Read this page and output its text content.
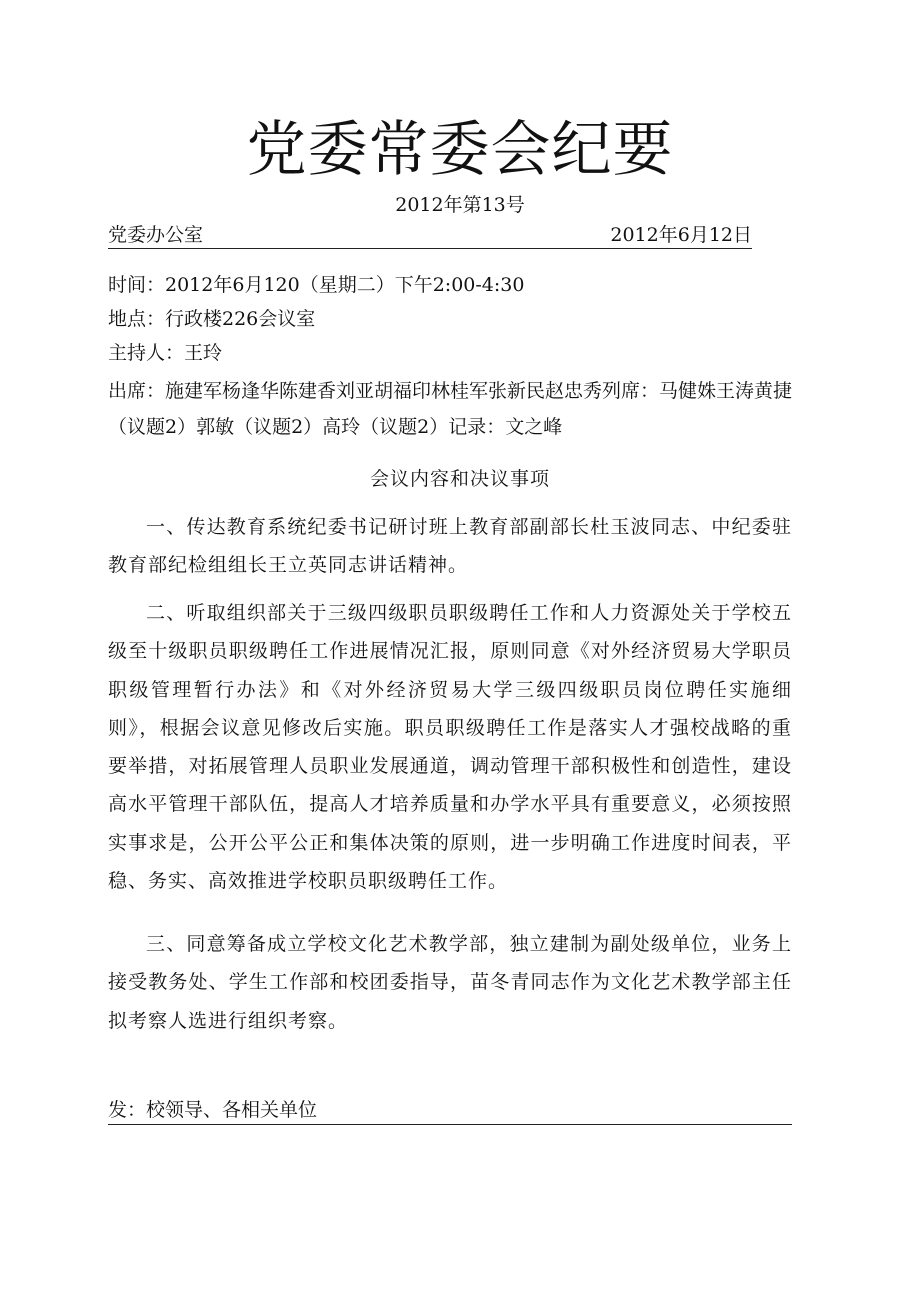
党委常委会纪要
2012年第13号
党委办公室	2012年6月12日
时间：2012年6月120（星期二）下午2:00-4:30
地点：行政楼226会议室
主持人：王玲
出席：施建军杨逢华陈建香刘亚胡福印林桂军张新民赵忠秀列席：马健姝王涛黄捷（议题2）郭敏（议题2）高玲（议题2）记录：文之峰
会议内容和决议事项
一、传达教育系统纪委书记研讨班上教育部副部长杜玉波同志、中纪委驻教育部纪检组组长王立英同志讲话精神。
二、听取组织部关于三级四级职员职级聘任工作和人力资源处关于学校五级至十级职员职级聘任工作进展情况汇报，原则同意《对外经济贸易大学职员职级管理暂行办法》和《对外经济贸易大学三级四级职员岗位聘任实施细则》，根据会议意见修改后实施。职员职级聘任工作是落实人才强校战略的重要举措，对拓展管理人员职业发展通道，调动管理干部积极性和创造性，建设高水平管理干部队伍，提高人才培养质量和办学水平具有重要意义，必须按照实事求是，公开公平公正和集体决策的原则，进一步明确工作进度时间表，平稳、务实、高效推进学校职员职级聘任工作。
三、同意筹备成立学校文化艺术教学部，独立建制为副处级单位，业务上接受教务处、学生工作部和校团委指导，苗冬青同志作为文化艺术教学部主任拟考察人选进行组织考察。
发：校领导、各相关单位
